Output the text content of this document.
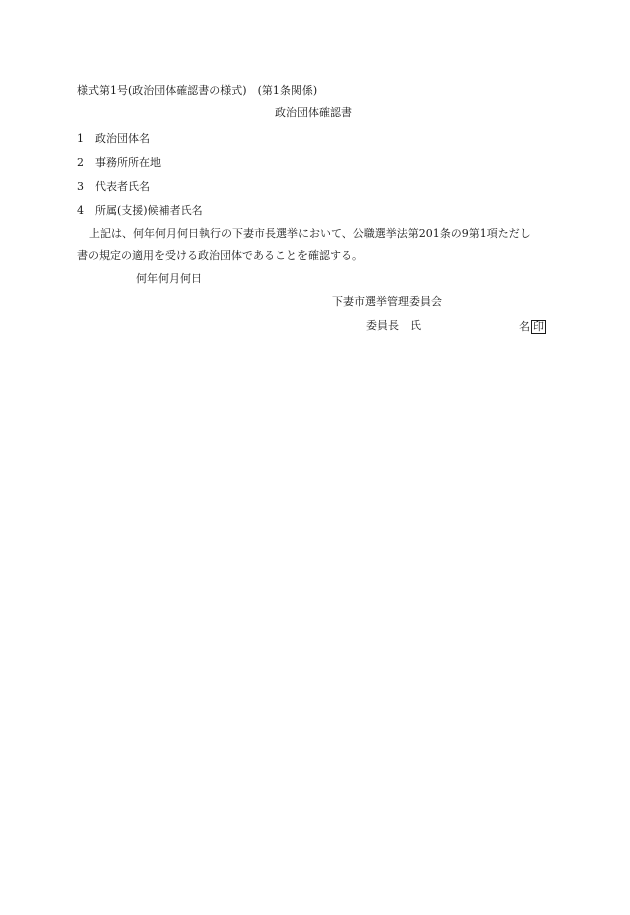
様式第1号(政治団体確認書の様式)　(第1条関係)
政治団体確認書
1 政治団体名
2 事務所所在地
3 代表者氏名
4 所属(支援)候補者氏名
上記は、何年何月何日執行の下妻市長選挙において、公職選挙法第201条の9第1項ただし
書の規定の適用を受ける政治団体であることを確認する。
何年何月何日
下妻市選挙管理委員会
委員長　氏	名 印
